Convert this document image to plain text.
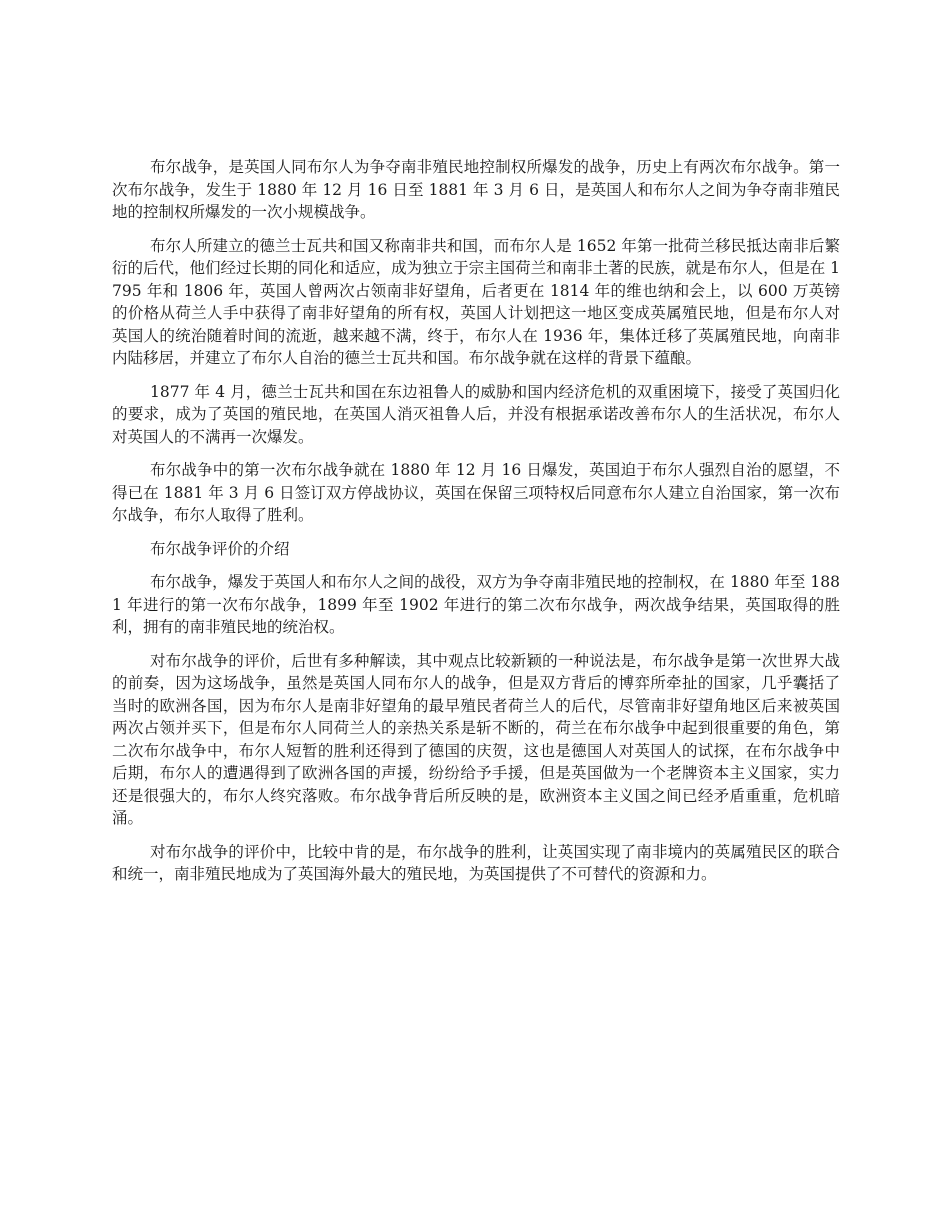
布尔战争，是英国人同布尔人为争夺南非殖民地控制权所爆发的战争，历史上有两次布尔战争。第一次布尔战争，发生于 1880 年 12 月 16 日至 1881 年 3 月 6 日，是英国人和布尔人之间为争夺南非殖民地的控制权所爆发的一次小规模战争。

布尔人所建立的德兰士瓦共和国又称南非共和国，而布尔人是 1652 年第一批荷兰移民抵达南非后繁衍的后代，他们经过长期的同化和适应，成为独立于宗主国荷兰和南非土著的民族，就是布尔人，但是在 1795 年和 1806 年，英国人曾两次占领南非好望角，后者更在 1814 年的维也纳和会上，以 600 万英镑的价格从荷兰人手中获得了南非好望角的所有权，英国人计划把这一地区变成英属殖民地，但是布尔人对英国人的统治随着时间的流逝，越来越不满，终于，布尔人在 1936 年，集体迁移了英属殖民地，向南非内陆移居，并建立了布尔人自治的德兰士瓦共和国。布尔战争就在这样的背景下蕴酿。

1877 年 4 月，德兰士瓦共和国在东边祖鲁人的威胁和国内经济危机的双重困境下，接受了英国归化的要求，成为了英国的殖民地，在英国人消灭祖鲁人后，并没有根据承诺改善布尔人的生活状况，布尔人对英国人的不满再一次爆发。

布尔战争中的第一次布尔战争就在 1880 年 12 月 16 日爆发，英国迫于布尔人强烈自治的愿望，不得已在 1881 年 3 月 6 日签订双方停战协议，英国在保留三项特权后同意布尔人建立自治国家，第一次布尔战争，布尔人取得了胜利。

布尔战争评价的介绍

布尔战争，爆发于英国人和布尔人之间的战役，双方为争夺南非殖民地的控制权，在 1880 年至 1881 年进行的第一次布尔战争，1899 年至 1902 年进行的第二次布尔战争，两次战争结果，英国取得的胜利，拥有的南非殖民地的统治权。

对布尔战争的评价，后世有多种解读，其中观点比较新颖的一种说法是，布尔战争是第一次世界大战的前奏，因为这场战争，虽然是英国人同布尔人的战争，但是双方背后的博弈所牵扯的国家，几乎囊括了当时的欧洲各国，因为布尔人是南非好望角的最早殖民者荷兰人的后代，尽管南非好望角地区后来被英国两次占领并买下，但是布尔人同荷兰人的亲热关系是斩不断的，荷兰在布尔战争中起到很重要的角色，第二次布尔战争中，布尔人短暂的胜利还得到了德国的庆贺，这也是德国人对英国人的试探，在布尔战争中后期，布尔人的遭遇得到了欧洲各国的声援，纷纷给予手援，但是英国做为一个老牌资本主义国家，实力还是很强大的，布尔人终究落败。布尔战争背后所反映的是，欧洲资本主义国之间已经矛盾重重，危机暗涌。

对布尔战争的评价中，比较中肯的是，布尔战争的胜利，让英国实现了南非境内的英属殖民区的联合和统一，南非殖民地成为了英国海外最大的殖民地，为英国提供了不可替代的资源和力。
